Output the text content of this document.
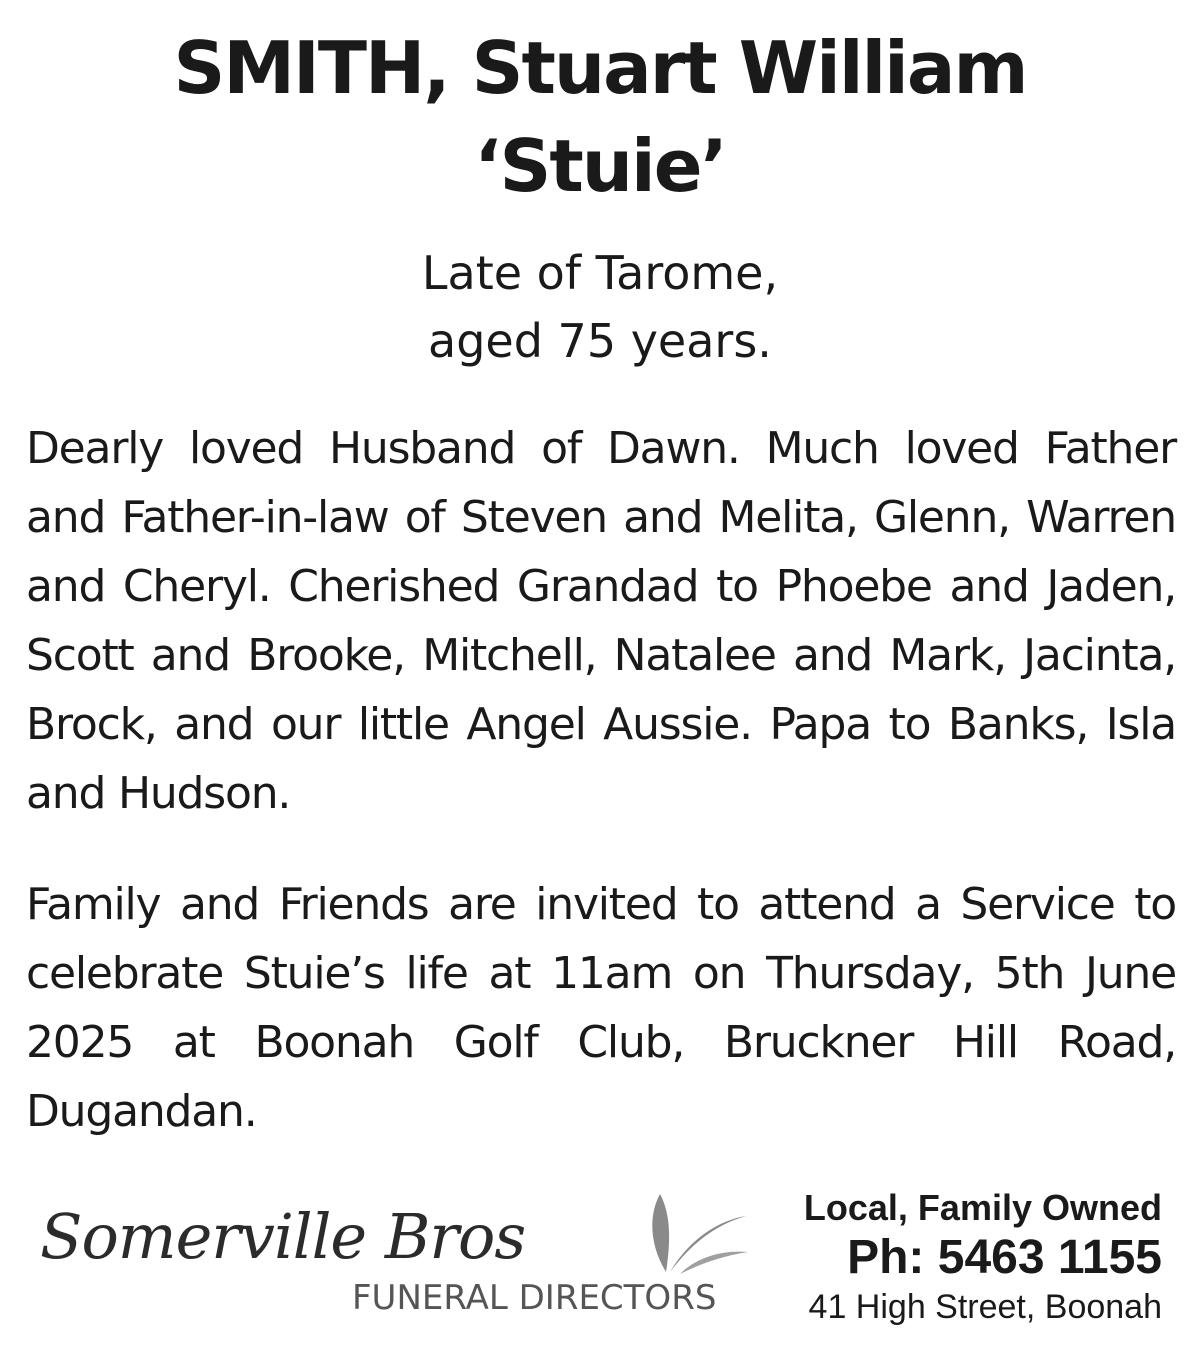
SMITH, Stuart William
‘Stuie’
Late of Tarome,
aged 75 years.
Dearly loved Husband of Dawn. Much loved Father and Father-in-law of Steven and Melita, Glenn, Warren and Cheryl. Cherished Grandad to Phoebe and Jaden, Scott and Brooke, Mitchell, Natalee and Mark, Jacinta, Brock, and our little Angel Aussie. Papa to Banks, Isla and Hudson.
Family and Friends are invited to attend a Service to celebrate Stuie’s life at 11am on Thursday, 5th June 2025 at Boonah Golf Club, Bruckner Hill Road, Dugandan.
Somerville Bros
FUNERAL DIRECTORS
Local, Family Owned
Ph: 5463 1155
41 High Street, Boonah
